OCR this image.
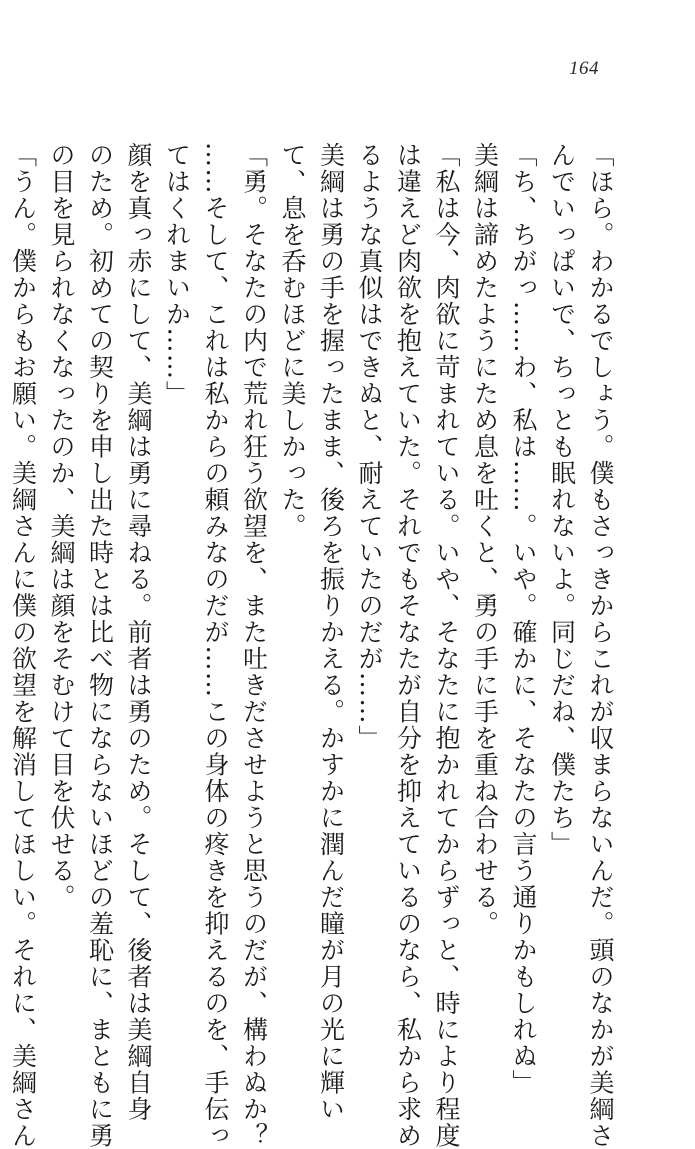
164
「ほら。わかるでしょう。僕もさっきからこれが収まらないんだ。頭のなかが美綱さ
んでいっぱいで、ちっとも眠れないよ。同じだね、僕たち」
「ち、ちがっ……わ、私は……。いや。確かに、そなたの言う通りかもしれぬ」
美綱は諦めたようにため息を吐くと、勇の手に手を重ね合わせる。
「私は今、肉欲に苛まれている。いや、そなたに抱かれてからずっと、時により程度
は違えど肉欲を抱えていた。それでもそなたが自分を抑えているのなら、私から求め
るような真似はできぬと、耐えていたのだが……」
美綱は勇の手を握ったまま、後ろを振りかえる。かすかに潤んだ瞳が月の光に輝い
て、息を呑むほどに美しかった。
「勇。そなたの内で荒れ狂う欲望を、また吐きださせようと思うのだが、構わぬか？
……そして、これは私からの頼みなのだが……この身体の疼きを抑えるのを、手伝っ
てはくれまいか……」
顔を真っ赤にして、美綱は勇に尋ねる。前者は勇のため。そして、後者は美綱自身
のため。初めての契りを申し出た時とは比べ物にならないほどの羞恥に、まともに勇
の目を見られなくなったのか、美綱は顔をそむけて目を伏せる。
「うん。僕からもお願い。美綱さんに僕の欲望を解消してほしい。それに、美綱さん
